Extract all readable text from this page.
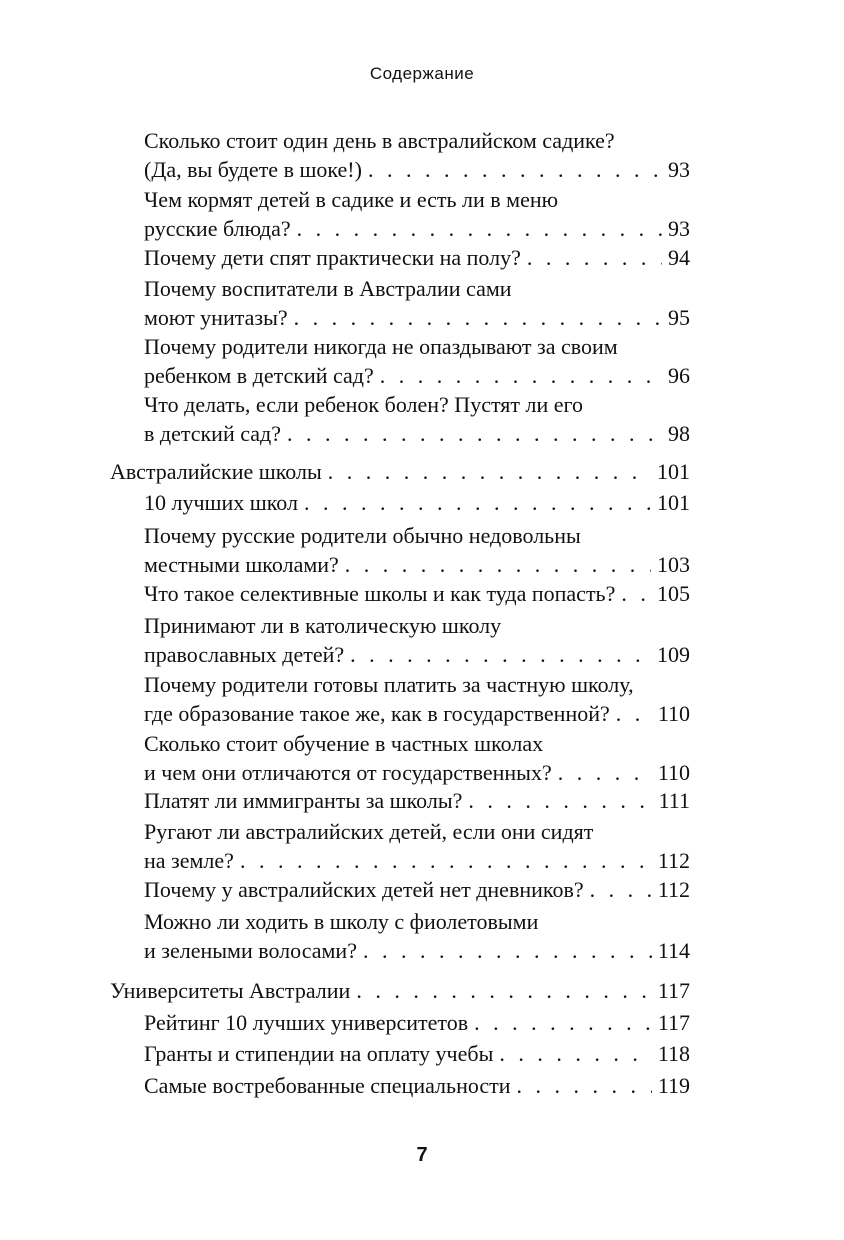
Содержание
Сколько стоит один день в австралийском садике?
(Да, вы будете в шоке!) . . .	93
Чем кормят детей в садике и есть ли в меню
русские блюда? . . .	93
Почему дети спят практически на полу? . . .	94
Почему воспитатели в Австралии сами
моют унитазы? . . .	95
Почему родители никогда не опаздывают за своим
ребенком в детский сад? . . .	96
Что делать, если ребенок болен? Пустят ли его
в детский сад? . . .	98
Австралийские школы . . .	101
10 лучших школ . . .	101
Почему русские родители обычно недовольны
местными школами? . . .	103
Что такое селективные школы и как туда попасть? . . . 105
Принимают ли в католическую школу
православных детей? . . .	109
Почему родители готовы платить за частную школу,
где образование такое же, как в государственной? . . . 110
Сколько стоит обучение в частных школах
и чем они отличаются от государственных? . . .	110
Платят ли иммигранты за школы? . . .	111
Ругают ли австралийских детей, если они сидят
на земле? . . .	112
Почему у австралийских детей нет дневников? . . .	112
Можно ли ходить в школу с фиолетовыми
и зелеными волосами? . . .	114
Университеты Австралии . . .	117
Рейтинг 10 лучших университетов . . .	117
Гранты и стипендии на оплату учебы . . .	118
Самые востребованные специальности . . .	119
7
